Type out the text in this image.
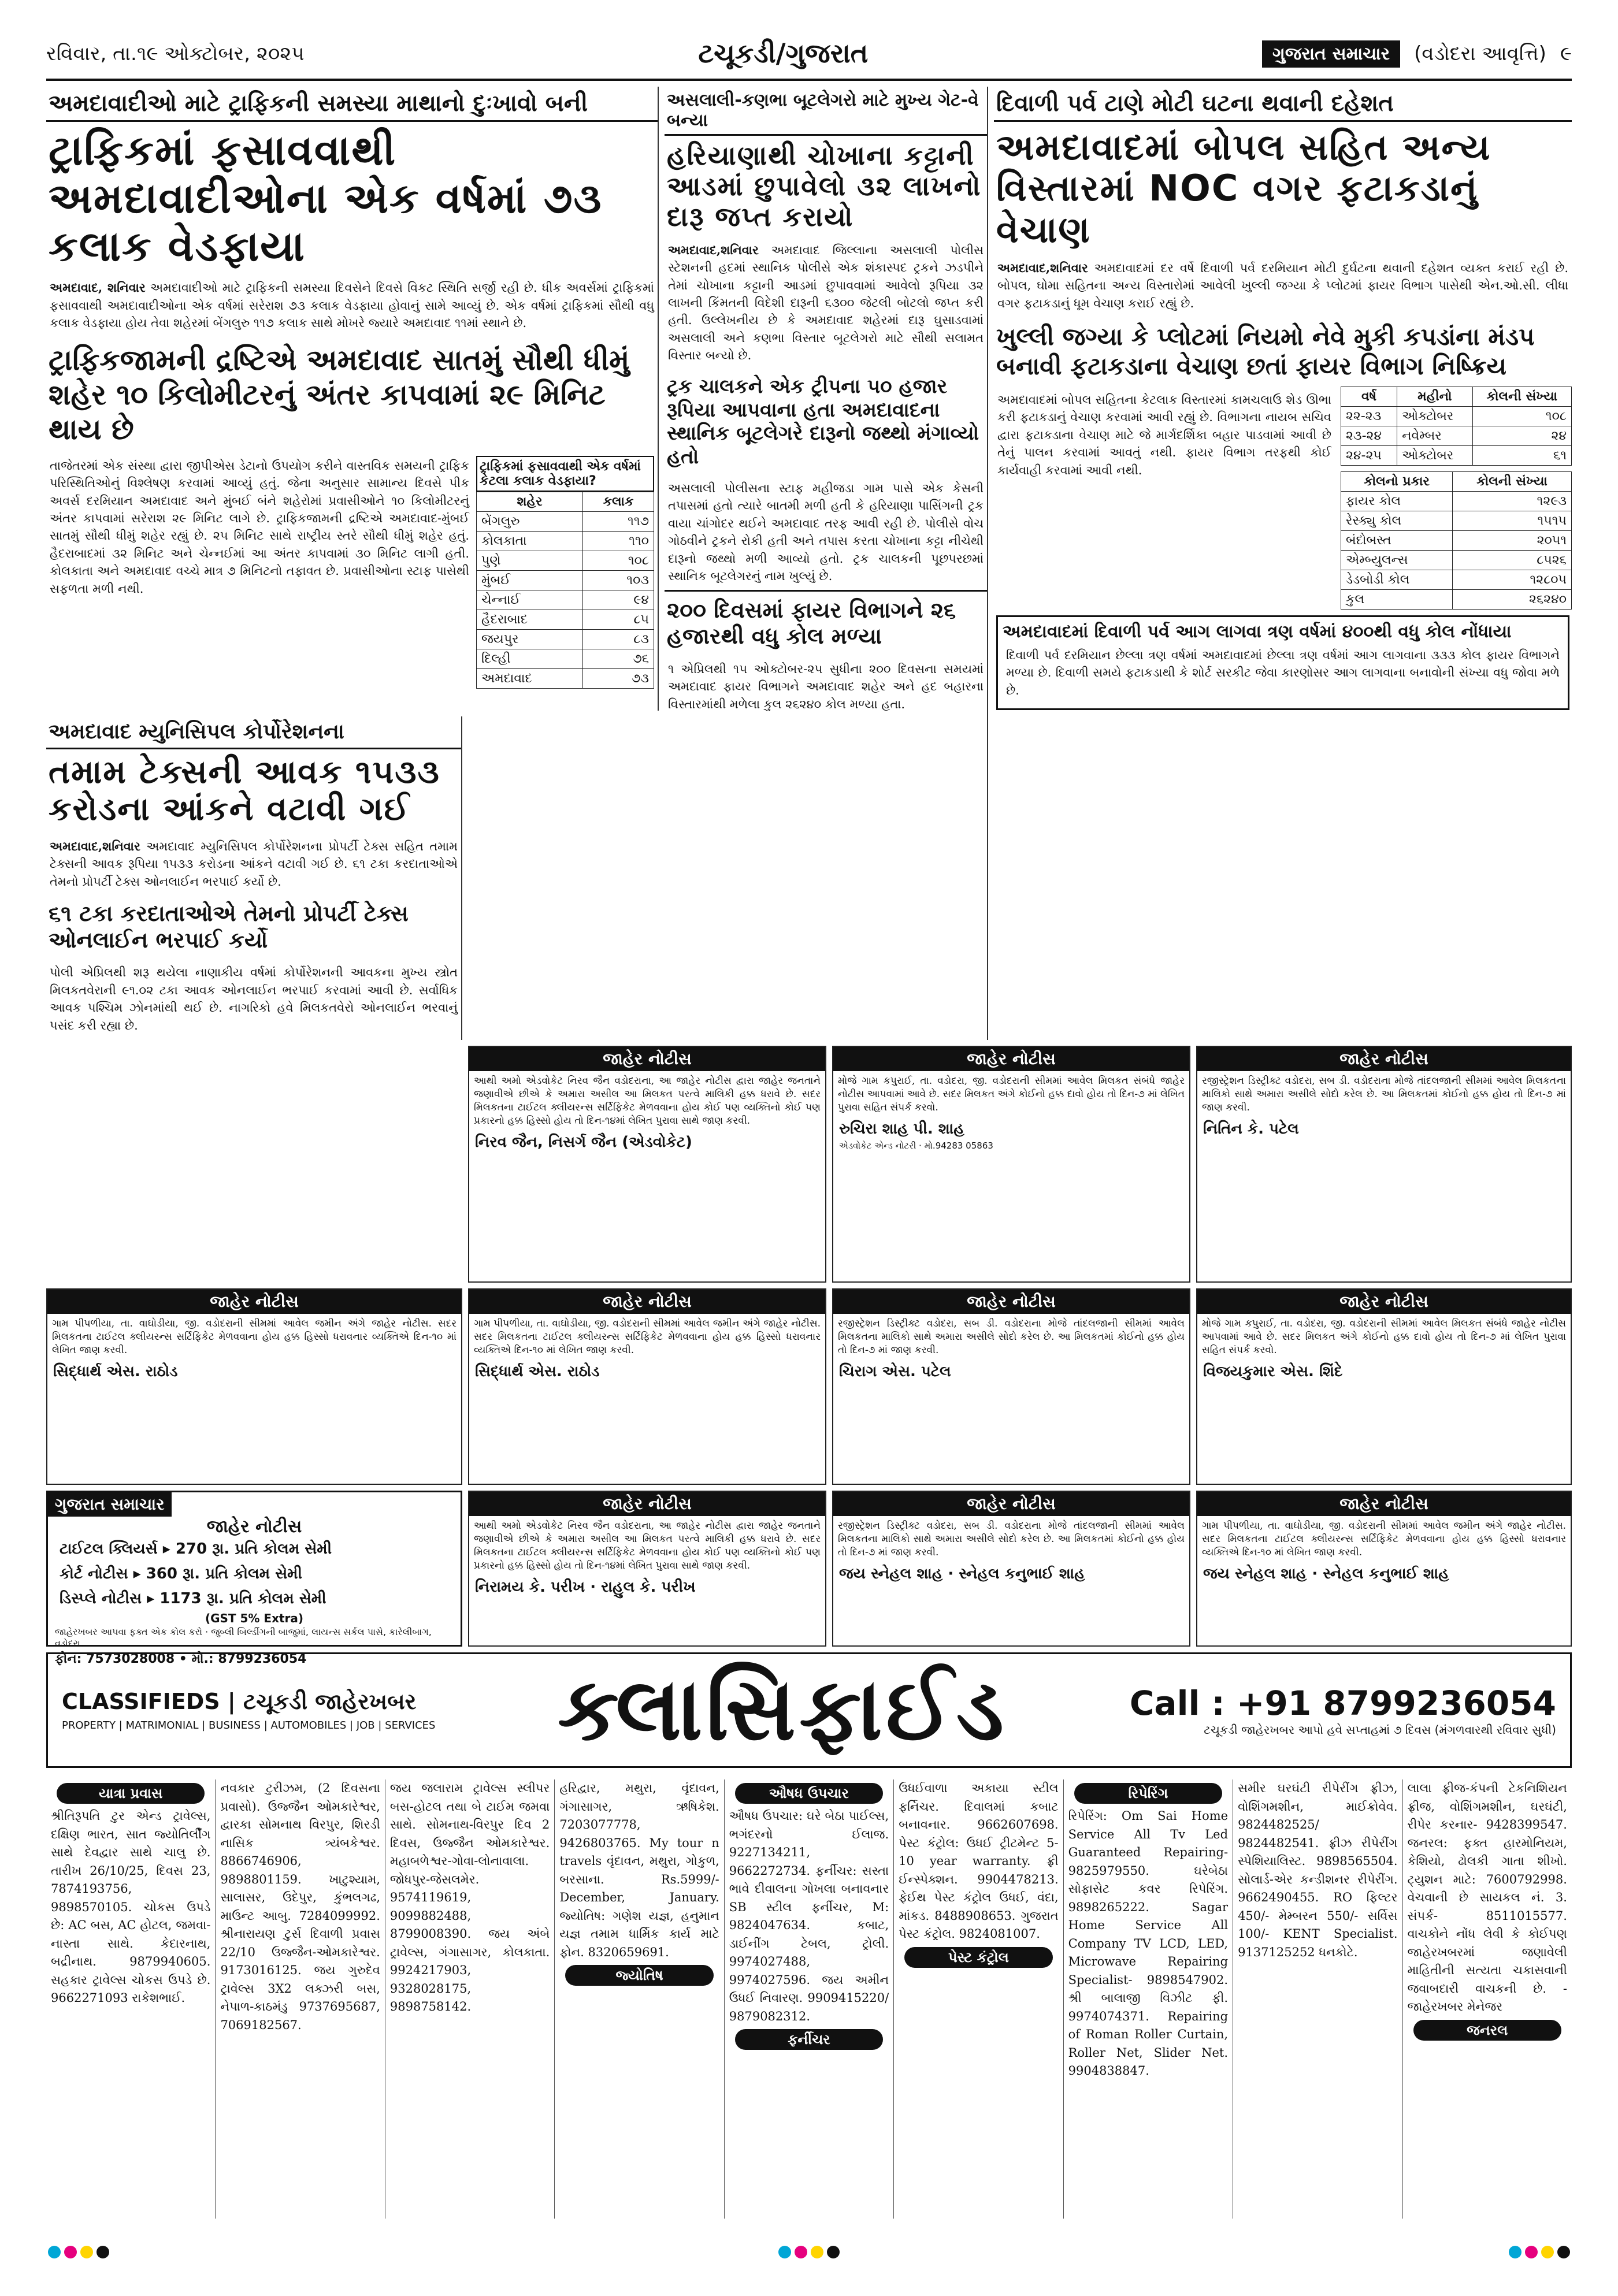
રવિવાર, તા.૧૯ ઓક્ટોબર, ૨૦૨૫	ટચૂકડી/ગુજરાત	ગુજરાત સમાચાર	(વડોદરા આવૃત્તિ) ૯
અમદાવાદીઓ માટે ટ્રાફિકની સમસ્યા માથાનો દુઃખાવો બની
ટ્રાફિકમાં ફસાવવાથી અમદાવાદીઓના એક વર્ષમાં ૭૩ કલાક વેડફાયા
અમદાવાદ, શનિવાર અમદાવાદીઓ માટે ટ્રાફિકની સમસ્યા દિવસેને દિવસે વિકટ સ્થિતિ સર્જી રહી છે. ધીક અવર્સમાં ટ્રાફિકમાં ફસાવવાથી અમદાવાદીઓના એક વર્ષમાં સરેરાશ ૭૩ કલાક વેડફાયા હોવાનું સામે આવ્યું છે. એક વર્ષમાં ટ્રાફિકમાં સૌથી વધુ કલાક વેડફાયા હોય તેવા શહેરમાં બેંગલુરુ ૧૧૭ કલાક સાથે મોખરે જ્યારે અમદાવાદ ૧૧માં સ્થાને છે.
ટ્રાફિકજામની દ્રષ્ટિએ અમદાવાદ સાતમું સૌથી ધીમું શહેર ૧૦ કિલોમીટરનું અંતર કાપવામાં ૨૯ મિનિટ થાય છે
તાજેતરમાં એક સંસ્થા દ્વારા જીપીએસ ડેટાનો ઉપયોગ કરીને વાસ્તવિક સમયની ટ્રાફિક પરિસ્થિતિઓનું વિશ્લેષણ કરવામાં આવ્યું હતું. જેના અનુસાર સામાન્ય દિવસે પીક અવર્સ દરમિયાન અમદાવાદ અને મુંબઈ બંને શહેરોમાં પ્રવાસીઓને ૧૦ કિલોમીટરનું અંતર કાપવામાં સરેરાશ ૨૯ મિનિટ લાગે છે. ટ્રાફિકજામની દ્રષ્ટિએ અમદાવાદ-મુંબઈ સાતમું સૌથી ધીમું શહેર રહ્યું છે. ૨૫ મિનિટ સાથે રાષ્ટ્રીય સ્તરે સૌથી ધીમું શહેર હતું. હૈદરાબાદમાં ૩૨ મિનિટ અને ચેન્નઈમાં આ અંતર કાપવામાં ૩૦ મિનિટ લાગી હતી. કોલકાતા અને અમદાવાદ વચ્ચે માત્ર ૭ મિનિટનો તફાવત છે. પ્રવાસીઓના સ્ટાફ પાસેથી સફળતા મળી નથી.
ટ્રાફિકમાં ફસાવવાથી એક વર્ષમાં કેટલા કલાક વેડફાયા?
શહેર	કલાક
બેંગલુરુ	૧૧૭
કોલકાતા	૧૧૦
પુણે	૧૦૮
મુંબઈ	૧૦૩
ચેન્નાઈ	૯૪
હૈદરાબાદ	૮૫
જયપુર	૮૩
દિલ્હી	૭૬
અમદાવાદ	૭૩
અમદાવાદ મ્યુનિસિપલ કોર્પોરેશનના
તમામ ટેક્સની આવક ૧૫૩૩ કરોડના આંકને વટાવી ગઈ
અમદાવાદ,શનિવાર અમદાવાદ મ્યુનિસિપલ કોર્પોરેશનના પ્રોપર્ટી ટેક્સ સહિત તમામ ટેક્સની આવક રૂપિયા ૧૫૩૩ કરોડના આંકને વટાવી ગઈ છે. ૬૧ ટકા કરદાતાઓએ તેમનો પ્રોપર્ટી ટેક્સ ઓનલાઈન ભરપાઈ કર્યો છે.
૬૧ ટકા કરદાતાઓએ તેમનો પ્રોપર્ટી ટેક્સ ઓનલાઈન ભરપાઈ કર્યો
પોલી એપ્રિલથી શરૂ થયેલા નાણાકીય વર્ષમાં કોર્પોરેશનની આવકના મુખ્ય સ્ત્રોત મિલકતવેરાની ૯૧.૦૨ ટકા આવક ઓનલાઈન ભરપાઈ કરવામાં આવી છે. સર્વાધિક આવક પશ્ચિમ ઝોનમાંથી થઈ છે. નાગરિકો હવે મિલકતવેરો ઓનલાઈન ભરવાનું પસંદ કરી રહ્યા છે.
અસલાલી-કણભા બૂટલેગરો માટે મુખ્ય ગેટ-વે બન્યા
હરિયાણાથી ચોખાના કટ્ટાની આડમાં છુપાવેલો ૩૨ લાખનો દારૂ જપ્ત કરાયો
અમદાવાદ,શનિવાર અમદાવાદ જિલ્લાના અસલાલી પોલીસ સ્ટેશનની હદમાં સ્થાનિક પોલીસે એક શંકાસ્પદ ટ્રકને ઝડપીને તેમાં ચોખાના કટ્ટાની આડમાં છુપાવવામાં આવેલો રૂપિયા ૩૨ લાખની કિંમતની વિદેશી દારૂની ૬૩૦૦ જેટલી બોટલો જપ્ત કરી હતી. ઉલ્લેખનીય છે કે અમદાવાદ શહેરમાં દારૂ ઘુસાડવામાં અસલાલી અને કણભા વિસ્તાર બૂટલેગરો માટે સૌથી સલામત વિસ્તાર બન્યો છે.
ટ્રક ચાલકને એક ટ્રીપના ૫૦ હજાર રૂપિયા આપવાના હતા અમદાવાદના સ્થાનિક બૂટલેગરે દારૂનો જથ્થો મંગાવ્યો હતો
અસલાલી પોલીસના સ્ટાફ મહીજડા ગામ પાસે એક કેસની તપાસમાં હતો ત્યારે બાતમી મળી હતી કે હરિયાણા પાસિંગની ટ્રક વાયા ચાંગોદર થઈને અમદાવાદ તરફ આવી રહી છે. પોલીસે વોચ ગોઠવીને ટ્રકને રોકી હતી અને તપાસ કરતા ચોખાના કટ્ટા નીચેથી દારૂનો જથ્થો મળી આવ્યો હતો. ટ્રક ચાલકની પૂછપરછમાં સ્થાનિક બૂટલેગરનું નામ ખુલ્યું છે.
૨૦૦ દિવસમાં ફાયર વિભાગને ૨૬ હજારથી વધુ કોલ મળ્યા
૧ એપ્રિલથી ૧૫ ઓક્ટોબર-૨૫ સુધીના ૨૦૦ દિવસના સમયમાં અમદાવાદ ફાયર વિભાગને અમદાવાદ શહેર અને હદ બહારના વિસ્તારમાંથી મળેલા કુલ ૨૬૨૪૦ કોલ મળ્યા હતા.
દિવાળી પર્વ ટાણે મોટી ઘટના થવાની દહેશત
અમદાવાદમાં બોપલ સહિત અન્ય વિસ્તારમાં NOC વગર ફટાકડાનું વેચાણ
અમદાવાદ,શનિવાર અમદાવાદમાં દર વર્ષે દિવાળી પર્વ દરમિયાન મોટી દુર્ઘટના થવાની દહેશત વ્યક્ત કરાઈ રહી છે. બોપલ, ઘોમા સહિતના અન્ય વિસ્તારોમાં આવેલી ખુલ્લી જગ્યા કે પ્લોટમાં ફાયર વિભાગ પાસેથી એન.ઓ.સી. લીધા વગર ફટાકડાનું ધૂમ વેચાણ કરાઈ રહ્યું છે.
ખુલ્લી જગ્યા કે પ્લોટમાં નિયમો નેવે મુકી કપડાંના મંડપ બનાવી ફટાકડાના વેચાણ છતાં ફાયર વિભાગ નિષ્ક્રિય
અમદાવાદમાં બોપલ સહિતના કેટલાક વિસ્તારમાં કામચલાઉ શેડ ઊભા કરી ફટાકડાનું વેચાણ કરવામાં આવી રહ્યું છે. વિભાગના નાયબ સચિવ દ્વારા ફટાકડાના વેચાણ માટે જે માર્ગદર્શિકા બહાર પાડવામાં આવી છે તેનું પાલન કરવામાં આવતું નથી. ફાયર વિભાગ તરફથી કોઈ કાર્યવાહી કરવામાં આવી નથી.
વર્ષ	મહીનો	કોલની સંખ્યા
૨૨-૨૩	ઓક્ટોબર	૧૦૮
૨૩-૨૪	નવેમ્બર	૨૪
૨૪-૨૫	ઓક્ટોબર	૬૧
કોલનો પ્રકાર	કોલની સંખ્યા
ફાયર કોલ	૧૨૯૩
રેસ્ક્યુ કોલ	૧૫૧૫
બંદોબસ્ત	૨૦૫૧
એમ્બ્યુલન્સ	૮૫૨૬
ડેડબોડી કોલ	૧૨૮૦૫
કુલ	૨૬૨૪૦
અમદાવાદમાં દિવાળી પર્વ આગ લાગવા ત્રણ વર્ષમાં ૪૦૦થી વધુ કોલ નોંધાયા
દિવાળી પર્વ દરમિયાન છેલ્લા ત્રણ વર્ષમાં અમદાવાદમાં છેલ્લા ત્રણ વર્ષમાં આગ લાગવાના ૩૩૩ કોલ ફાયર વિભાગને મળ્યા છે. દિવાળી સમયે ફટાકડાથી કે શોર્ટ સરકીટ જેવા કારણોસર આગ લાગવાના બનાવોની સંખ્યા વધુ જોવા મળે છે.
જાહેર નોટીસ
આથી અમો એડવોકેટ નિરવ જૈન વડોદરાના, આ જાહેર નોટીસ દ્વારા જાહેર જનતાને જણાવીએ છીએ કે અમારા અસીલ આ મિલકત પરત્વે માલિકી હક્ક ધરાવે છે. સદર મિલકતના ટાઈટલ ક્લીયરન્સ સર્ટિફિકેટ મેળવવાના હોય કોઈ પણ વ્યક્તિનો કોઈ પણ પ્રકારનો હક્ક હિસ્સો હોય તો દિન-૧૪માં લેખિત પુરાવા સાથે જાણ કરવી.
નિરવ જૈન, નિસર્ગ જૈન (એડવોકેટ)
જાહેર નોટીસ
મોજે ગામ કપુરાઈ, તા. વડોદરા, જી. વડોદરાની સીમમાં આવેલ મિલકત સંબંધે જાહેર નોટીસ આપવામાં આવે છે. સદર મિલકત અંગે કોઈનો હક્ક દાવો હોય તો દિન-૭ માં લેખિત પુરાવા સહિત સંપર્ક કરવો.
રુચિરા શાહ પી. શાહ
એડવોકેટ એન્ડ નોટરી · મો.94283 05863
જાહેર નોટીસ
રજીસ્ટ્રેશન ડિસ્ટ્રીક્ટ વડોદરા, સબ ડી. વડોદરાના મોજે તાંદલજાની સીમમાં આવેલ મિલકતના માલિકો સાથે અમારા અસીલે સોદો કરેલ છે. આ મિલકતમાં કોઈનો હક્ક હોય તો દિન-૭ માં જાણ કરવી.
નિતિન કે. પટેલ
જાહેર નોટીસ
ગામ પીપળીયા, તા. વાઘોડીયા, જી. વડોદરાની સીમમાં આવેલ જમીન અંગે જાહેર નોટીસ. સદર મિલકતના ટાઈટલ ક્લીયરન્સ સર્ટિફિકેટ મેળવવાના હોય હક્ક હિસ્સો ધરાવનાર વ્યક્તિએ દિન-૧૦ માં લેખિત જાણ કરવી.
સિદ્ધાર્થ એસ. રાઠોડ
જાહેર નોટીસ
ગામ પીપળીયા, તા. વાઘોડીયા, જી. વડોદરાની સીમમાં આવેલ જમીન અંગે જાહેર નોટીસ. સદર મિલકતના ટાઈટલ ક્લીયરન્સ સર્ટિફિકેટ મેળવવાના હોય હક્ક હિસ્સો ધરાવનાર વ્યક્તિએ દિન-૧૦ માં લેખિત જાણ કરવી.
સિદ્ધાર્થ એસ. રાઠોડ
જાહેર નોટીસ
રજીસ્ટ્રેશન ડિસ્ટ્રીક્ટ વડોદરા, સબ ડી. વડોદરાના મોજે તાંદલજાની સીમમાં આવેલ મિલકતના માલિકો સાથે અમારા અસીલે સોદો કરેલ છે. આ મિલકતમાં કોઈનો હક્ક હોય તો દિન-૭ માં જાણ કરવી.
ચિરાગ એસ. પટેલ
જાહેર નોટીસ
મોજે ગામ કપુરાઈ, તા. વડોદરા, જી. વડોદરાની સીમમાં આવેલ મિલકત સંબંધે જાહેર નોટીસ આપવામાં આવે છે. સદર મિલકત અંગે કોઈનો હક્ક દાવો હોય તો દિન-૭ માં લેખિત પુરાવા સહિત સંપર્ક કરવો.
વિજયકુમાર એસ. શિંદે
ગુજરાત સમાચાર
જાહેર નોટીસ
ટાઈટલ ક્લિયર્સ ▸ 270 રૂા. પ્રતિ કોલમ સેમી
કોર્ટ નોટીસ ▸ 360 રૂા. પ્રતિ કોલમ સેમી
ડિસ્પ્લે નોટીસ ▸ 1173 રૂા. પ્રતિ કોલમ સેમી
(GST 5% Extra)
જાહેરખબર આપવા ફક્ત એક કોલ કરો · જુબ્લી બિલ્ડીંગની બાજુમાં, લાયન્સ સર્કલ પાસે, કારેલીબાગ, વડોદરા.
ફોન: 7573028008 • મો.: 8799236054
જાહેર નોટીસ
આથી અમો એડવોકેટ નિરવ જૈન વડોદરાના, આ જાહેર નોટીસ દ્વારા જાહેર જનતાને જણાવીએ છીએ કે અમારા અસીલ આ મિલકત પરત્વે માલિકી હક્ક ધરાવે છે. સદર મિલકતના ટાઈટલ ક્લીયરન્સ સર્ટિફિકેટ મેળવવાના હોય કોઈ પણ વ્યક્તિનો કોઈ પણ પ્રકારનો હક્ક હિસ્સો હોય તો દિન-૧૪માં લેખિત પુરાવા સાથે જાણ કરવી.
નિરામય કે. પરીખ · રાહુલ કે. પરીખ
જાહેર નોટીસ
રજીસ્ટ્રેશન ડિસ્ટ્રીક્ટ વડોદરા, સબ ડી. વડોદરાના મોજે તાંદલજાની સીમમાં આવેલ મિલકતના માલિકો સાથે અમારા અસીલે સોદો કરેલ છે. આ મિલકતમાં કોઈનો હક્ક હોય તો દિન-૭ માં જાણ કરવી.
જય સ્નેહલ શાહ · સ્નેહલ કનુભાઈ શાહ
જાહેર નોટીસ
ગામ પીપળીયા, તા. વાઘોડીયા, જી. વડોદરાની સીમમાં આવેલ જમીન અંગે જાહેર નોટીસ. સદર મિલકતના ટાઈટલ ક્લીયરન્સ સર્ટિફિકેટ મેળવવાના હોય હક્ક હિસ્સો ધરાવનાર વ્યક્તિએ દિન-૧૦ માં લેખિત જાણ કરવી.
જય સ્નેહલ શાહ · સ્નેહલ કનુભાઈ શાહ
CLASSIFIEDS | ટચૂકડી જાહેરખબર
PROPERTY | MATRIMONIAL | BUSINESS | AUTOMOBILES | JOB | SERVICES ક્લાસિફાઈડ	Call : +91 8799236054
ટચૂકડી જાહેરખબર આપો હવે સપ્તાહમાં ૭ દિવસ (મંગળવારથી રવિવાર સુધી)
યાત્રા પ્રવાસ
શ્રીતિરૂપતિ ટુર એન્ડ ટ્રાવેલ્સ, દક્ષિણ ભારત, સાત જ્યોતિર્લીંગ સાથે દેવદ્વાર સાથે ચાલુ છે. તારીખ 26/10/25, દિવસ 23, 7874193756, 9898570105. ચોકસ ઉપડે છે: AC બસ, AC હોટલ, જમવા-નાસ્તા સાથે. કેદારનાથ, બદ્રીનાથ. 9879940605. સહકાર ટ્રાવેલ્સ ચોકસ ઉપડે છે. 9662271093 રાકેશભાઈ.
નવકાર ટુરીઝમ, (2 દિવસના પ્રવાસો). ઉજ્જૈન ઓમકારેશ્વર, દ્વારકા સોમનાથ વિરપુર, શિરડી નાસિક ત્ર્યંબકેશ્વર. 8866746906, 9898801159. ખાટુશ્યામ, સાલાસર, ઉદેપુર, કુંભલગઢ, માઉન્ટ આબુ. 7284099992. શ્રીનારાયણ ટુર્સ દિવાળી પ્રવાસ 22/10 ઉજ્જૈન-ઓમકારેશ્વર. 9173016125. જય ગુરુદેવ ટ્રાવેલ્સ 3X2 લક્ઝરી બસ, નેપાળ-કાઠમંડુ 9737695687, 7069182567.
જય જલારામ ટ્રાવેલ્સ સ્લીપર બસ-હોટલ તથા બે ટાઈમ જમવા સાથે. સોમનાથ-વિરપુર દિવ 2 દિવસ, ઉજ્જૈન ઓમકારેશ્વર. મહાબળેશ્વર-ગોવા-લોનાવાલા. જોધપુર-જેસલમેર. 9574119619, 9099882488, 8799008390. જય અંબે ટ્રાવેલ્સ, ગંગાસાગર, કોલકાતા. 9924217903, 9328028175, 9898758142.
હરિદ્વાર, મથુરા, વૃંદાવન, ગંગાસાગર, ઋષિકેશ. 7203077778, 9426803765. My tour n travels વૃંદાવન, મથુરા, ગોકુળ, બરસાના. Rs.5999/- December, January. જ્યોતિષ: ગણેશ યજ્ઞ, હનુમાન યજ્ઞ તમામ ધાર્મિક કાર્ય માટે ફોન. 8320659691.
જ્યોતિષ
ઔષધ ઉપચાર
ઔષધ ઉપચાર: ઘરે બેઠા પાઈલ્સ, ભગંદરનો ઈલાજ. 9227134211, 9662272734. ફર્નીચર: સસ્તા ભાવે દીવાલના ગોખલા બનાવનાર SB સ્ટીલ ફર્નીચર, M: 9824047634. કબાટ, ડાઈનીંગ ટેબલ, ટ્રોલી. 9974027488, 9974027596. જય અમીન ઉધઈ નિવારણ. 9909415220/ 9879082312.
ફર્નીચર
ઉધઈવાળા અકાયા સ્ટીલ ફર્નિચર. દિવાલમાં કબાટ બનાવનાર. 9662607698. પેસ્ટ કંટ્રોલ: ઉધઈ ટ્રીટમેન્ટ 5-10 year warranty. ફ્રી ઈન્સ્પેક્શન. 9904478213. ફેઈથ પેસ્ટ કંટ્રોલ ઉધઈ, વંદા, માંકડ. 8488908653. ગુજરાત પેસ્ટ કંટ્રોલ. 9824081007.
પેસ્ટ કંટ્રોલ
રિપેરિંગ
રિપેરિંગ: Om Sai Home Service All Tv Led Guaranteed Repairing- 9825979550. ઘરેબેઠા સોફાસેટ કવર રિપેરિંગ. 9898265222. Sagar Home Service All Company TV LCD, LED, Microwave Repairing Specialist- 9898547902. શ્રી બાલાજી વિઝીટ ફી. 9974074371. Repairing of Roman Roller Curtain, Roller Net, Slider Net. 9904838847.
સમીર ઘરઘંટી રીપેરીંગ ફ્રીઝ, વોશિંગમશીન, માઈક્રોવેવ. 9824482525/ 9824482541. ફ્રીઝ રીપેરીંગ સ્પેશિયાલિસ્ટ. 9898565504. સોલાર્ડ-એર કન્ડીશનર રીપેરીંગ. 9662490455. RO ફિલ્ટર 450/- મેમ્બરન 550/- સર્વિસ 100/- KENT Specialist. 9137125252 ધનકોટે.
લાલા ફ્રીજ-કંપની ટેકનિશિયન ફ્રીજ, વોશિંગમશીન, ઘરઘંટી, રીપેર કરનાર- 9428399547. જનરલ: ફક્ત હારમોનિયમ, કેશિયો, ઢોલકી ગાતા શીખો. ટ્યુશન માટે: 7600792998. વેચવાની છે સાયકલ નં. 3. સંપર્ક- 8511015577. વાચકોને નોંધ લેવી કે કોઈપણ જાહેરખબરમાં જણાવેલી માહિતીની સત્યતા ચકાસવાની જવાબદારી વાચકની છે. - જાહેરખબર મેનેજર
જનરલ
